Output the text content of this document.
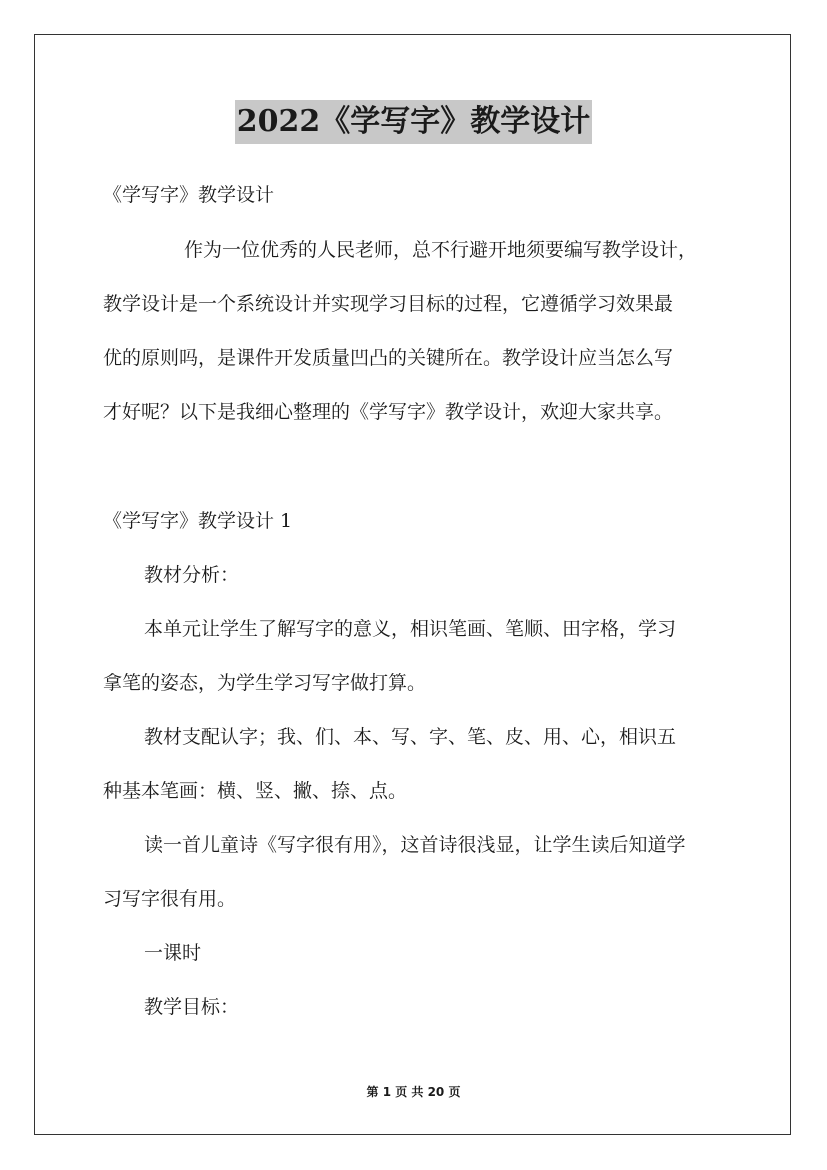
2022《学写字》教学设计
《学写字》教学设计
作为一位优秀的人民老师，总不行避开地须要编写教学设计，
教学设计是一个系统设计并实现学习目标的过程，它遵循学习效果最
优的原则吗，是课件开发质量凹凸的关键所在。教学设计应当怎么写
才好呢？以下是我细心整理的《学写字》教学设计，欢迎大家共享。
《学写字》教学设计 1
教材分析：
本单元让学生了解写字的意义，相识笔画、笔顺、田字格，学习
拿笔的姿态，为学生学习写字做打算。
教材支配认字；我、们、本、写、字、笔、皮、用、心，相识五
种基本笔画：横、竖、撇、捺、点。
读一首儿童诗《写字很有用》，这首诗很浅显，让学生读后知道学
习写字很有用。
一课时
教学目标：
第 1 页 共 20 页
